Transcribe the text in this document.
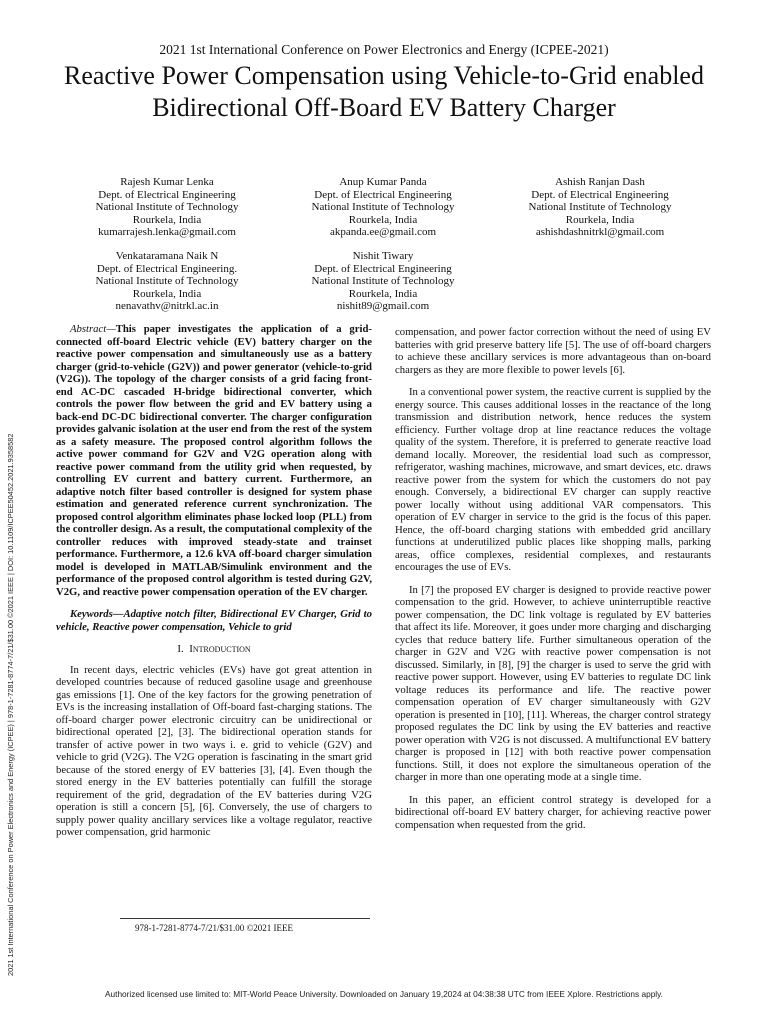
2021 1st International Conference on Power Electronics and Energy (ICPEE-2021)
Reactive Power Compensation using Vehicle-to-Grid enabled Bidirectional Off-Board EV Battery Charger
Rajesh Kumar Lenka
Dept. of Electrical Engineering
National Institute of Technology
Rourkela, India
kumarrajesh.lenka@gmail.com
Anup Kumar Panda
Dept. of Electrical Engineering
National Institute of Technology
Rourkela, India
akpanda.ee@gmail.com
Ashish Ranjan Dash
Dept. of Electrical Engineering
National Institute of Technology
Rourkela, India
ashishdashnitrkl@gmail.com
Venkataramana Naik N
Dept. of Electrical Engineering.
National Institute of Technology
Rourkela, India
nenavathv@nitrkl.ac.in
Nishit Tiwary
Dept. of Electrical Engineering
National Institute of Technology
Rourkela, India
nishit89@gmail.com
2021 1st International Conference on Power Electronics and Energy (ICPEE) | 978-1-7281-8774-7/21/$31.00 ©2021 IEEE | DOI: 10.1109/ICPEE50452.2021.9358582

Abstract—This paper investigates the application of a grid-connected off-board Electric vehicle (EV) battery charger on the reactive power compensation and simultaneously use as a battery charger (grid-to-vehicle (G2V)) and power generator (vehicle-to-grid (V2G)). The topology of the charger consists of a grid facing front-end AC-DC cascaded H-bridge bidirectional converter, which controls the power flow between the grid and EV battery using a back-end DC-DC bidirectional converter. The charger configuration provides galvanic isolation at the user end from the rest of the system as a safety measure. The proposed control algorithm follows the active power command for G2V and V2G operation along with reactive power command from the utility grid when requested, by controlling EV current and battery current. Furthermore, an adaptive notch filter based controller is designed for system phase estimation and generated reference current synchronization. The proposed control algorithm eliminates phase locked loop (PLL) from the controller design. As a result, the computational complexity of the controller reduces with improved steady-state and trainset performance. Furthermore, a 12.6 kVA off-board charger simulation model is developed in MATLAB/Simulink environment and the performance of the proposed control algorithm is tested during G2V, V2G, and reactive power compensation operation of the EV charger.

Keywords—Adaptive notch filter, Bidirectional EV Charger, Grid to vehicle, Reactive power compensation, Vehicle to grid

I. Introduction

In recent days, electric vehicles (EVs) have got great attention in developed countries because of reduced gasoline usage and greenhouse gas emissions [1]. One of the key factors for the growing penetration of EVs is the increasing installation of Off-board fast-charging stations. The off-board charger power electronic circuitry can be unidirectional or bidirectional operated [2], [3]. The bidirectional operation stands for transfer of active power in two ways i. e. grid to vehicle (G2V) and vehicle to grid (V2G). The V2G operation is fascinating in the smart grid because of the stored energy of EV batteries [3], [4]. Even though the stored energy in the EV batteries potentially can fulfill the storage requirement of the grid, degradation of the EV batteries during V2G operation is still a concern [5], [6]. Conversely, the use of chargers to supply power quality ancillary services like a voltage regulator, reactive power compensation, grid harmonic

978-1-7281-8774-7/21/$31.00 ©2021 IEEE

compensation, and power factor correction without the need of using EV batteries with grid preserve battery life [5]. The use of off-board chargers to achieve these ancillary services is more advantageous than on-board chargers as they are more flexible to power levels [6].

In a conventional power system, the reactive current is supplied by the energy source. This causes additional losses in the reactance of the long transmission and distribution network, hence reduces the system efficiency. Further voltage drop at line reactance reduces the voltage quality of the system. Therefore, it is preferred to generate reactive load demand locally. Moreover, the residential load such as compressor, refrigerator, washing machines, microwave, and smart devices, etc. draws reactive power from the system for which the customers do not pay enough. Conversely, a bidirectional EV charger can supply reactive power locally without using additional VAR compensators. This operation of EV charger in service to the grid is the focus of this paper. Hence, the off-board charging stations with embedded grid ancillary functions at underutilized public places like shopping malls, parking areas, office complexes, residential complexes, and restaurants encourages the use of EVs.

In [7] the proposed EV charger is designed to provide reactive power compensation to the grid. However, to achieve uninterruptible reactive power compensation, the DC link voltage is regulated by EV batteries that affect its life. Moreover, it goes under more charging and discharging cycles that reduce battery life. Further simultaneous operation of the charger in G2V and V2G with reactive power compensation is not discussed. Similarly, in [8], [9] the charger is used to serve the grid with reactive power support. However, using EV batteries to regulate DC link voltage reduces its performance and life. The reactive power compensation operation of EV charger simultaneously with G2V operation is presented in [10], [11]. Whereas, the charger control strategy proposed regulates the DC link by using the EV batteries and reactive power operation with V2G is not discussed. A multifunctional EV battery charger is proposed in [12] with both reactive power compensation functions. Still, it does not explore the simultaneous operation of the charger in more than one operating mode at a single time.

In this paper, an efficient control strategy is developed for a bidirectional off-board EV battery charger, for achieving reactive power compensation when requested from the grid.

Authorized licensed use limited to: MIT-World Peace University. Downloaded on January 19,2024 at 04:38:38 UTC from IEEE Xplore. Restrictions apply.
